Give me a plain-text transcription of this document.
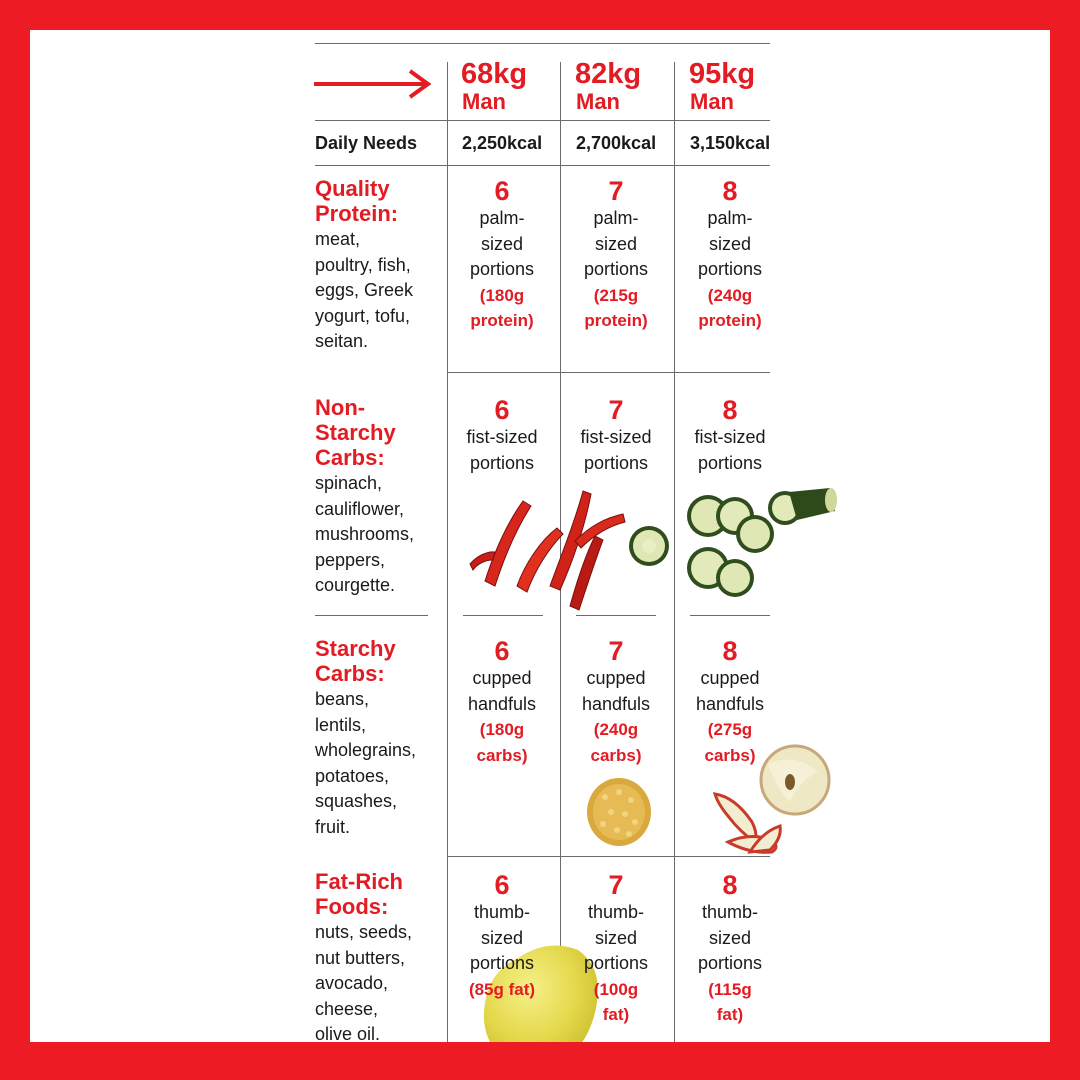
68kg
Man
82kg
Man
95kg
Man
Daily Needs 2,250kcal 2,700kcal 3,150kcal
Quality
Protein:
meat,
poultry, fish,
eggs, Greek
yogurt, tofu,
seitan.
6
palm-
sized
portions
(180g
protein)
7
palm-
sized
portions
(215g
protein)
8
palm-
sized
portions
(240g
protein)
Non-
Starchy
Carbs:
spinach,
cauliflower,
mushrooms,
peppers,
courgette.
6
fist-sized
portions
7
fist-sized
portions
8
fist-sized
portions
Starchy
Carbs:
beans,
lentils,
wholegrains,
potatoes,
squashes,
fruit.
6
cupped
handfuls
(180g
carbs)
7
cupped
handfuls
(240g
carbs)
8
cupped
handfuls
(275g
carbs)
Fat-Rich
Foods:
nuts, seeds,
nut butters,
avocado,
cheese,
olive oil.
6
thumb-
sized
portions
(85g fat)
7
thumb-
sized
portions
(100g
fat)
8
thumb-
sized
portions
(115g
fat)
